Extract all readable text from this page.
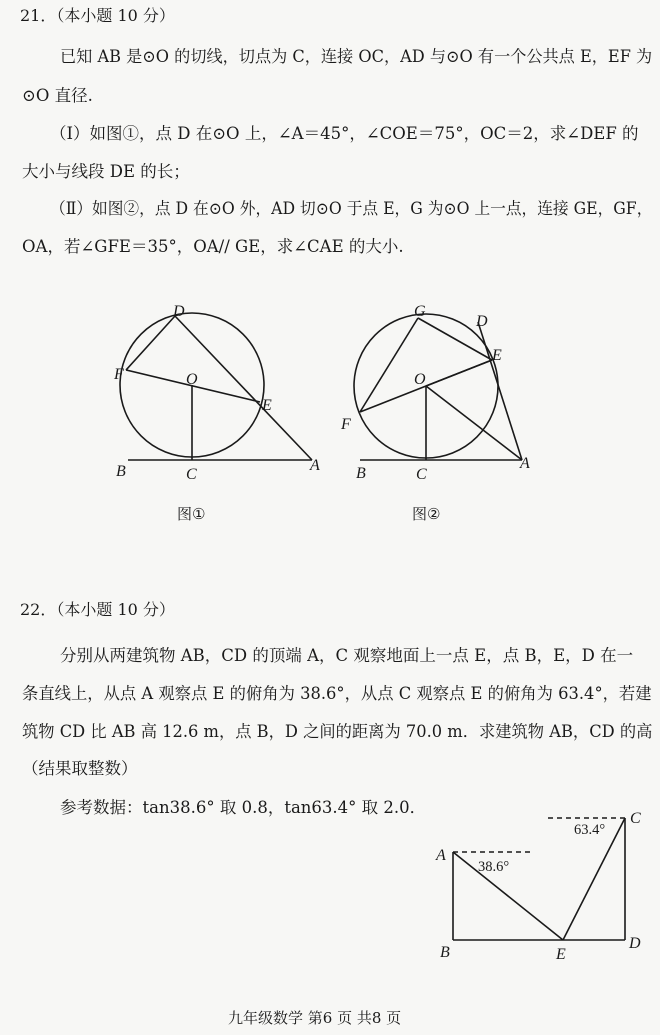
21．（本小题 10 分）
已知 AB 是⊙O 的切线，切点为 C，连接 OC，AD 与⊙O 有一个公共点 E，EF 为
⊙O 直径.
（Ⅰ）如图①，点 D 在⊙O 上，∠A＝45°，∠COE＝75°，OC＝2，求∠DEF 的
大小与线段 DE 的长；
（Ⅱ）如图②，点 D 在⊙O 外，AD 切⊙O 于点 E，G 为⊙O 上一点，连接 GE，GF，
OA，若∠GFE＝35°，OA// GE，求∠CAE 的大小.
D
F	O
E
B	C
A
图①
G
D
E
O
F
B	C
A
图②
A
B	E
C
D
38.6°
63.4°
22．（本小题 10 分）
分别从两建筑物 AB，CD 的顶端 A，C 观察地面上一点 E，点 B，E，D 在一
条直线上，从点 A 观察点 E 的俯角为 38.6°，从点 C 观察点 E 的俯角为 63.4°，若建
筑物 CD 比 AB 高 12.6 m，点 B，D 之间的距离为 70.0 m．求建筑物 AB，CD 的高
（结果取整数）
参考数据：tan38.6° 取 0.8，tan63.4° 取 2.0．
九年级数学 第6 页 共8 页
